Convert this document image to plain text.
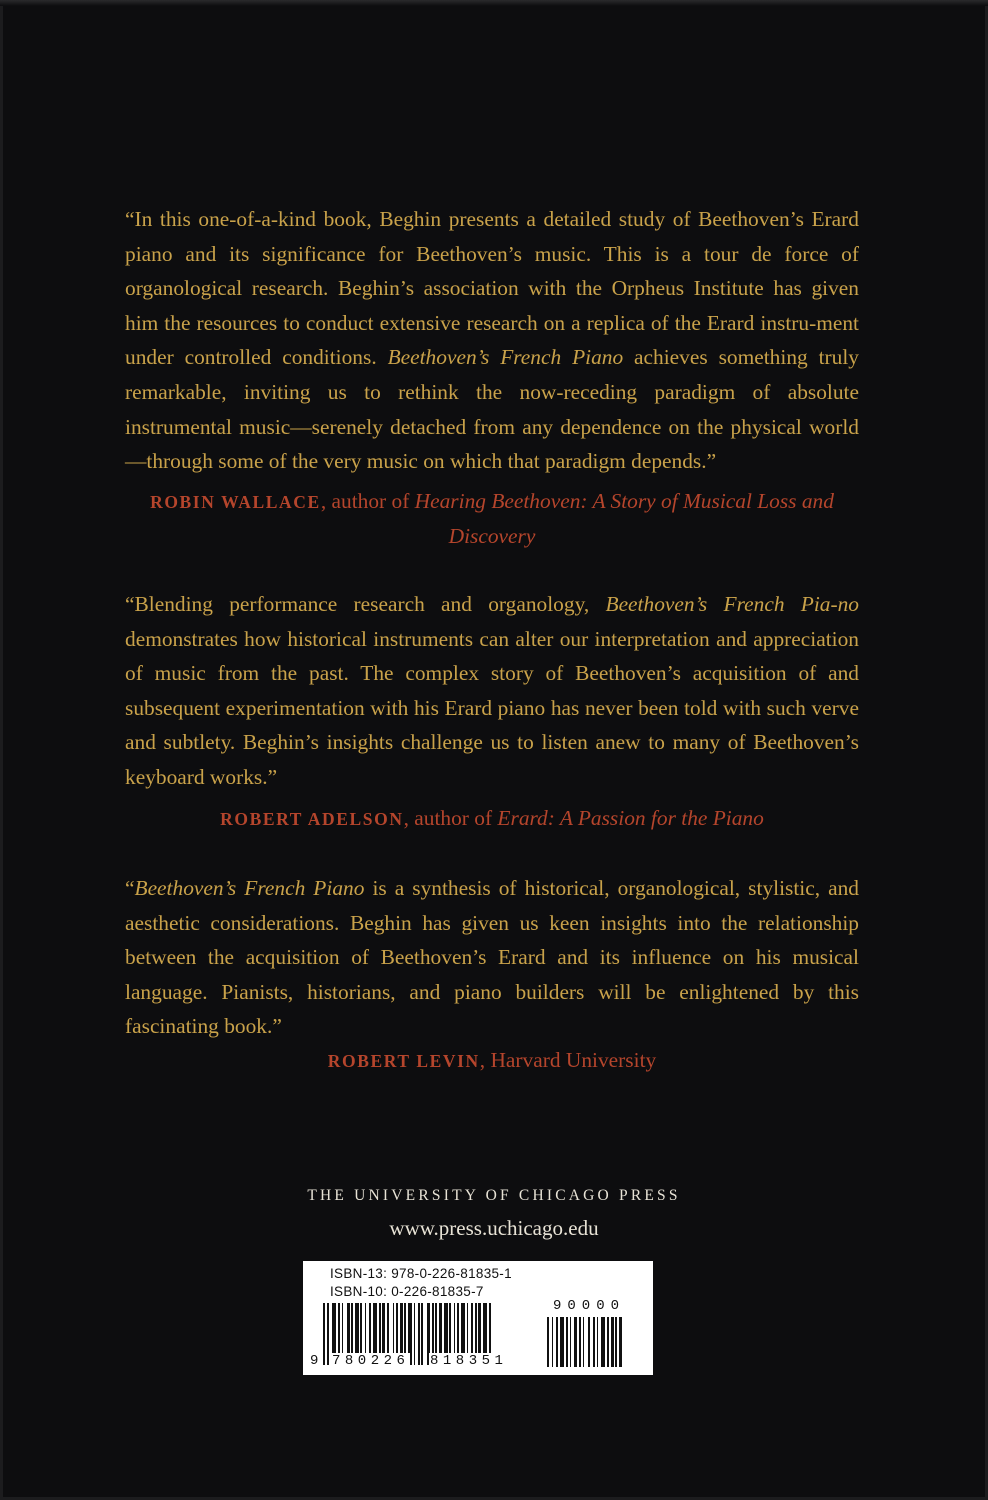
“In this one-of-a-kind book, Beghin presents a detailed study of Beethoven’s Erard piano and its significance for Beethoven’s music. This is a tour de force of organological research. Beghin’s association with the Orpheus Institute has given him the resources to conduct extensive research on a replica of the Erard instru-ment under controlled conditions. Beethoven’s French Piano achieves something truly remarkable, inviting us to rethink the now-receding paradigm of absolute instrumental music—serenely detached from any dependence on the physical world—through some of the very music on which that paradigm depends.”

ROBIN WALLACE, author of Hearing Beethoven: A Story of Musical Loss and Discovery

“Blending performance research and organology, Beethoven’s French Pia-no demonstrates how historical instruments can alter our interpretation and appreciation of music from the past. The complex story of Beethoven’s acquisition of and subsequent experimentation with his Erard piano has never been told with such verve and subtlety. Beghin’s insights challenge us to listen anew to many of Beethoven’s keyboard works.”

ROBERT ADELSON, author of Erard: A Passion for the Piano

“Beethoven’s French Piano is a synthesis of historical, organological, stylistic, and aesthetic considerations. Beghin has given us keen insights into the relationship between the acquisition of Beethoven’s Erard and its influence on his musical language. Pianists, historians, and piano builders will be enlightened by this fascinating book.”

ROBERT LEVIN, Harvard University

THE UNIVERSITY OF CHICAGO PRESS
www.press.uchicago.edu
ISBN-13: 978-0-226-81835-1
ISBN-10: 0-226-81835-7
90000
9 780226 818351
